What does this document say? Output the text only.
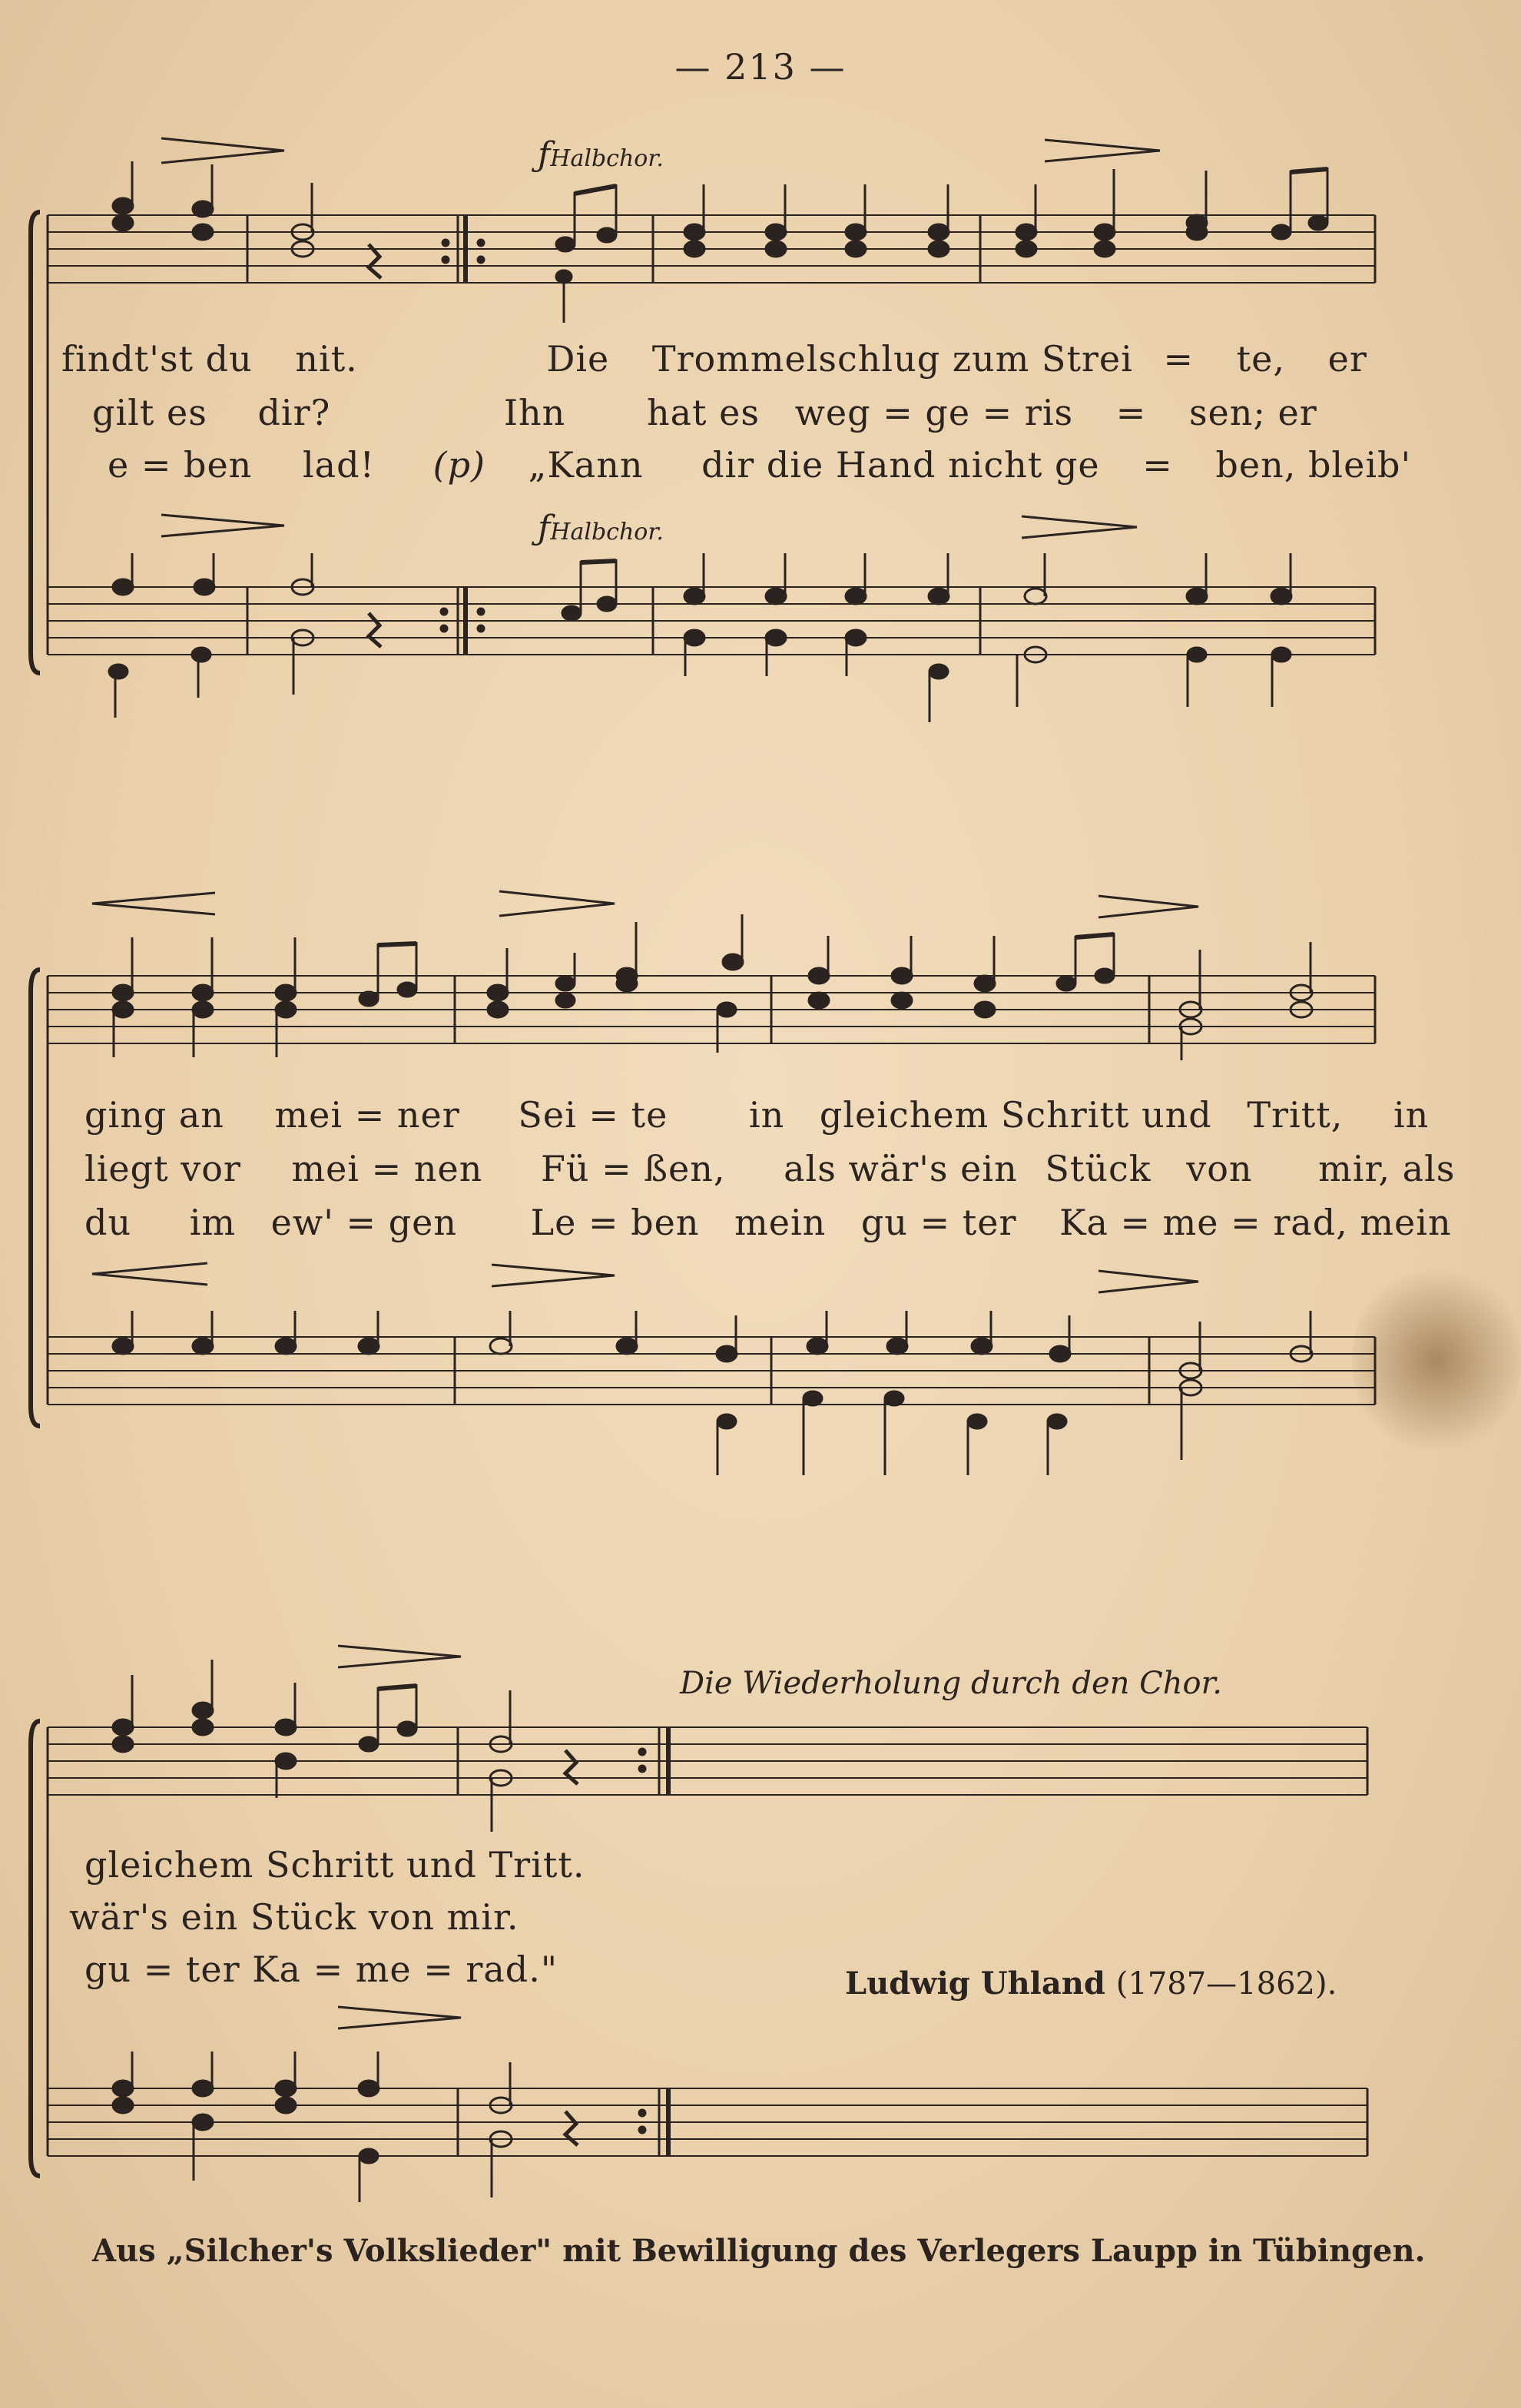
— 213 —
ƒHalbchor.
ƒHalbchor.
findt'st du nit.	Die Trommelschlug zum Strei = te, er
gilt es dir?	Ihn hat es weg = ge = ris = sen; er
e = ben lad! (p) „Kann dir die Hand nicht ge = ben, bleib'
ging an mei = ner Sei = te in gleichem Schritt und Tritt, in
liegt vor mei = nen Fü = ßen, als wär's ein Stück von mir, als
du im ew' = gen Le = ben mein gu = ter Ka = me = rad, mein
Die Wiederholung durch den Chor.
gleichem Schritt und Tritt.
wär's ein Stück von mir.
gu = ter Ka = me = rad."	Ludwig Uhland (1787—1862).
Aus „Silcher's Volkslieder" mit Bewilligung des Verlegers Laupp in Tübingen.
